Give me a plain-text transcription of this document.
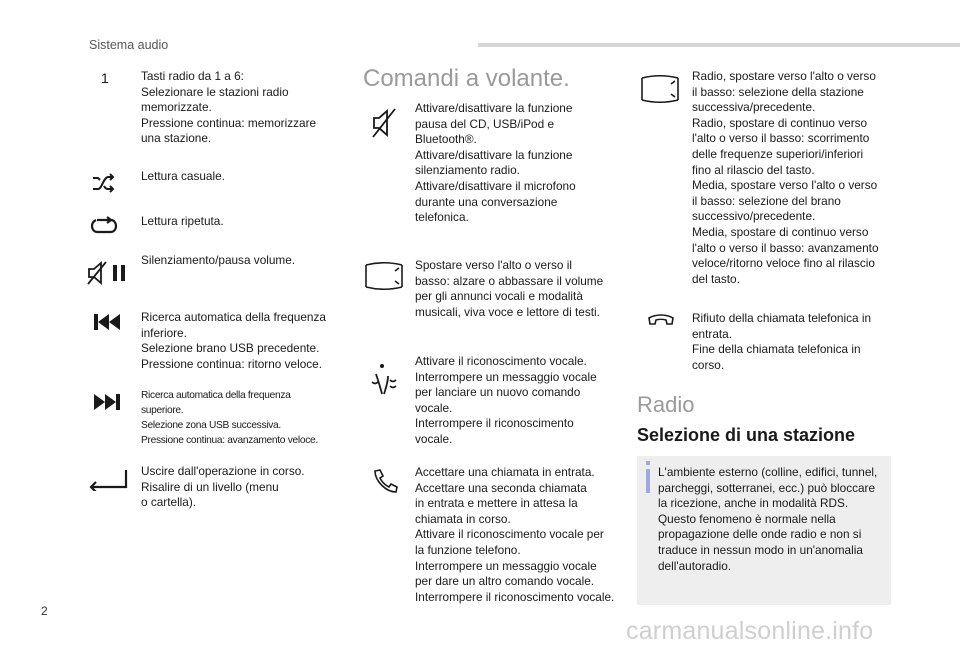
Sistema audio
1	Tasti radio da 1 a 6:
Selezionare le stazioni radio
memorizzate.
Pressione continua: memorizzare
una stazione.

Lettura casuale.

Lettura ripetuta.

Silenziamento/pausa volume.

Ricerca automatica della frequenza
inferiore.
Selezione brano USB precedente.
Pressione continua: ritorno veloce.

Ricerca automatica della frequenza
superiore.
Selezione zona USB successiva.
Pressione continua: avanzamento veloce.

Uscire dall'operazione in corso.
Risalire di un livello (menu
o cartella).

Comandi a volante.

Attivare/disattivare la funzione
pausa del CD, USB/iPod e
Bluetooth®.
Attivare/disattivare la funzione
silenziamento radio.
Attivare/disattivare il microfono
durante una conversazione
telefonica.

Spostare verso l'alto o verso il
basso: alzare o abbassare il volume
per gli annunci vocali e modalità
musicali, viva voce e lettore di testi.

Attivare il riconoscimento vocale.
Interrompere un messaggio vocale
per lanciare un nuovo comando
vocale.
Interrompere il riconoscimento
vocale.

Accettare una chiamata in entrata.
Accettare una seconda chiamata
in entrata e mettere in attesa la
chiamata in corso.
Attivare il riconoscimento vocale per
la funzione telefono.
Interrompere un messaggio vocale
per dare un altro comando vocale.
Interrompere il riconoscimento vocale.

Radio, spostare verso l'alto o verso
il basso: selezione della stazione
successiva/precedente.
Radio, spostare di continuo verso
l'alto o verso il basso: scorrimento
delle frequenze superiori/inferiori
fino al rilascio del tasto.
Media, spostare verso l'alto o verso
il basso: selezione del brano
successivo/precedente.
Media, spostare di continuo verso
l'alto o verso il basso: avanzamento
veloce/ritorno veloce fino al rilascio
del tasto.

Rifiuto della chiamata telefonica in
entrata.
Fine della chiamata telefonica in
corso.

Radio
Selezione di una stazione

L'ambiente esterno (colline, edifici, tunnel, parcheggi, sotterranei, ecc.) può bloccare la ricezione, anche in modalità RDS. Questo fenomeno è normale nella propagazione delle onde radio e non si traduce in nessun modo in un'anomalia dell'autoradio.

2
carmanualsonline.info
